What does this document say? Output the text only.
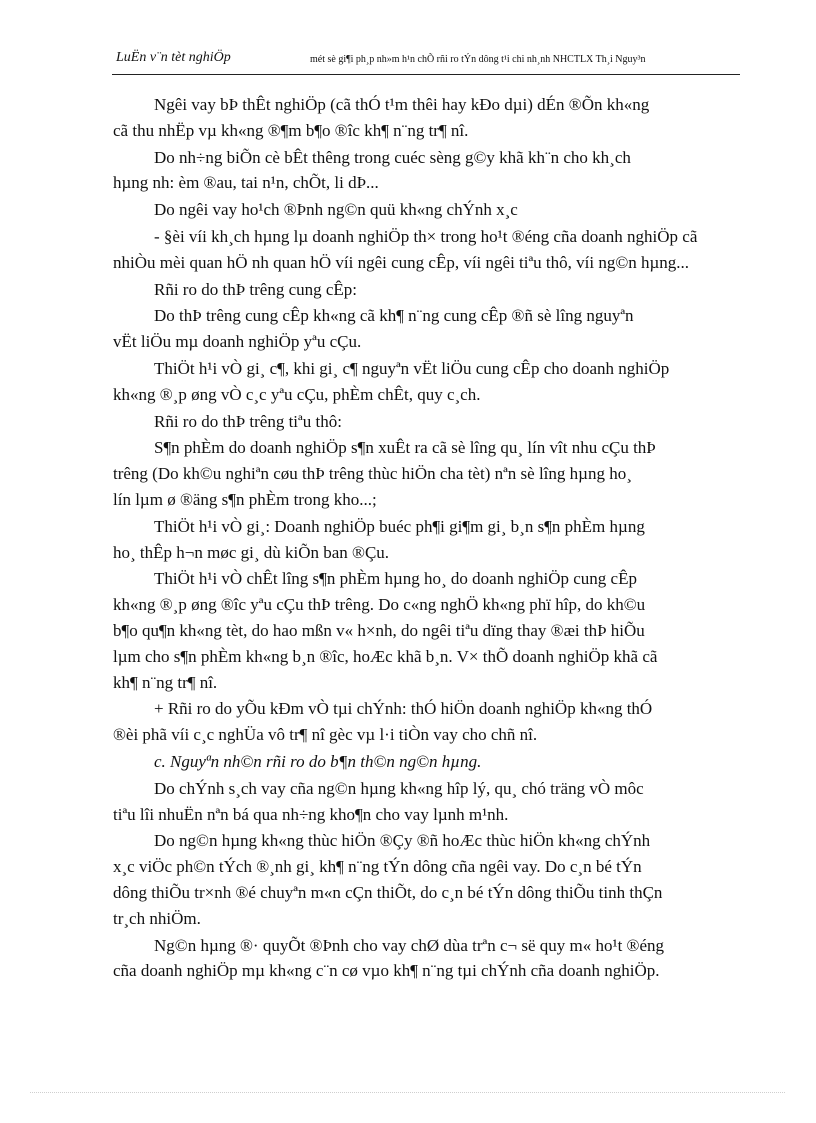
LuËn v¨n tèt nghiÖp	mét sè gi¶i ph¸p nh»m h¹n chÕ rñi ro tÝn dông t¹i chi nh¸nh NHCTLX Th¸i Nguy³n

Ngêi vay bÞ thÊt nghiÖp (cã thÓ t¹m thêi hay kÐo dµi) dÉn ®Õn kh«ng
cã thu nhËp vµ kh«ng ®¶m b¶o ®îc kh¶ n¨ng tr¶ nî.

Do nh÷ng biÕn cè bÊt thêng trong cuéc sèng g©y khã kh¨n cho kh¸ch
hµng nh: èm ®au, tai n¹n, chÕt, li dÞ...

Do ngêi vay ho¹ch ®Þnh ng©n quü kh«ng chÝnh x¸c

- §èi víi kh¸ch hµng lµ doanh nghiÖp th× trong ho¹t ®éng cña doanh nghiÖp cã
nhiÒu mèi quan hÖ nh quan hÖ víi ngêi cung cÊp, víi ngêi tiªu thô, víi ng©n hµng...

Rñi ro do thÞ trêng cung cÊp:

Do thÞ trêng cung cÊp kh«ng cã kh¶ n¨ng cung cÊp ®ñ sè lîng nguyªn
vËt liÖu mµ doanh nghiÖp yªu cÇu.

ThiÖt h¹i vÒ gi¸ c¶, khi gi¸ c¶ nguyªn vËt liÖu cung cÊp cho doanh nghiÖp
kh«ng ®¸p øng vÒ c¸c yªu cÇu, phÈm chÊt, quy c¸ch.

Rñi ro do thÞ trêng tiªu thô:

S¶n phÈm do doanh nghiÖp s¶n xuÊt ra cã sè lîng qu¸ lín vît nhu cÇu thÞ
trêng (Do kh©u nghiªn cøu thÞ trêng thùc hiÖn cha tèt) nªn sè lîng hµng ho¸
lín lµm ø ®äng s¶n phÈm trong kho...;

ThiÖt h¹i vÒ gi¸: Doanh nghiÖp buéc ph¶i gi¶m gi¸ b¸n s¶n phÈm hµng
ho¸ thÊp h¬n møc gi¸ dù kiÕn ban ®Çu.

ThiÖt h¹i vÒ chÊt lîng s¶n phÈm hµng ho¸ do doanh nghiÖp cung cÊp
kh«ng ®¸p øng ®îc yªu cÇu thÞ trêng. Do c«ng nghÖ kh«ng phï hîp, do kh©u
b¶o qu¶n kh«ng tèt, do hao mßn v« h×nh, do ngêi tiªu dïng thay ®æi thÞ hiÕu
lµm cho s¶n phÈm kh«ng b¸n ®îc, hoÆc khã b¸n. V× thÕ doanh nghiÖp khã cã
kh¶ n¨ng tr¶ nî.

+ Rñi ro do yÕu kÐm vÒ tµi chÝnh: thÓ hiÖn doanh nghiÖp kh«ng thÓ
®èi phã víi c¸c nghÜa vô tr¶ nî gèc vµ l·i tiÒn vay cho chñ nî.

c. Nguyªn nh©n rñi ro do b¶n th©n ng©n hµng.

Do chÝnh s¸ch vay cña ng©n hµng kh«ng hîp lý, qu¸ chó träng vÒ môc
tiªu lîi nhuËn nªn bá qua nh÷ng kho¶n cho vay lµnh m¹nh.

Do ng©n hµng kh«ng thùc hiÖn ®Çy ®ñ hoÆc thùc hiÖn kh«ng chÝnh
x¸c viÖc ph©n tÝch ®¸nh gi¸ kh¶ n¨ng tÝn dông cña ngêi vay. Do c¸n bé tÝn
dông thiÕu tr×nh ®é chuyªn m«n cÇn thiÕt, do c¸n bé tÝn dông thiÕu tinh thÇn
tr¸ch nhiÖm.

Ng©n hµng ®· quyÕt ®Þnh cho vay chØ dùa trªn c¬ së quy m« ho¹t ®éng
cña doanh nghiÖp mµ kh«ng c¨n cø vµo kh¶ n¨ng tµi chÝnh cña doanh nghiÖp.
